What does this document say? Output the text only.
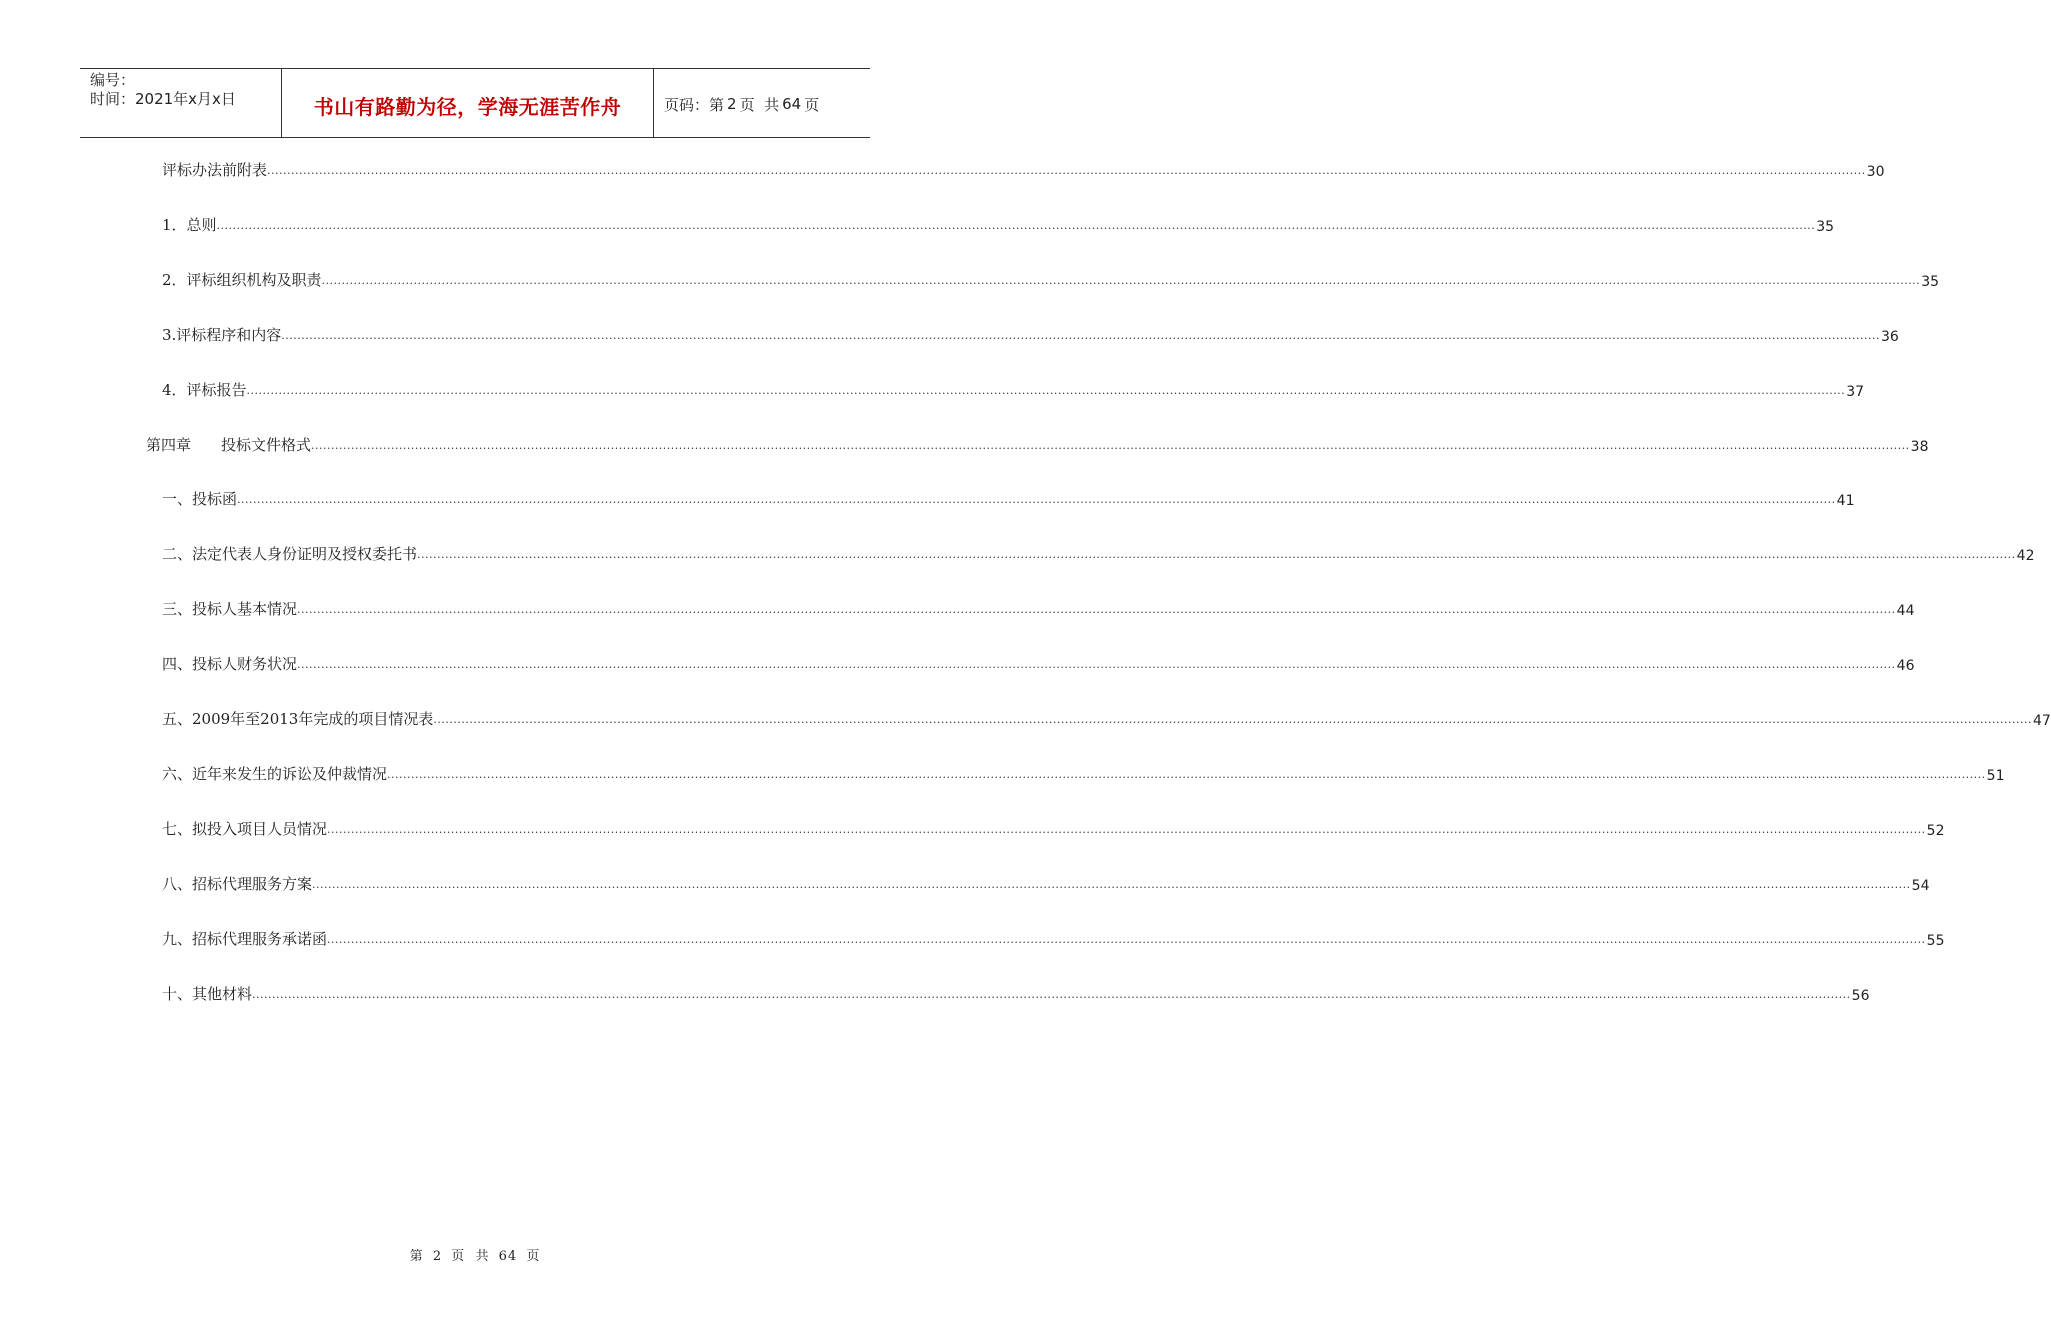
编号：
时间：2021年x月x日	书山有路勤为径，学海无涯苦作舟	页码：第 2 页  共 64 页
评标办法前附表 ................................................................................................................................................................................................................................................................................................................................................................................................................ 30
1．总则 ................................................................................................................................................................................................................................................................................................................................................................................................................ 35
2．评标组织机构及职责 ................................................................................................................................................................................................................................................................................................................................................................................................................ 35
3.评标程序和内容 ................................................................................................................................................................................................................................................................................................................................................................................................................ 36
4．评标报告 ................................................................................................................................................................................................................................................................................................................................................................................................................ 37
第四章　　投标文件格式 ................................................................................................................................................................................................................................................................................................................................................................................................................ 38
一、投标函 ................................................................................................................................................................................................................................................................................................................................................................................................................ 41
二、法定代表人身份证明及授权委托书 ................................................................................................................................................................................................................................................................................................................................................................................................................ 42
三、投标人基本情况 ................................................................................................................................................................................................................................................................................................................................................................................................................ 44
四、投标人财务状况 ................................................................................................................................................................................................................................................................................................................................................................................................................ 46
五、2009年至2013年完成的项目情况表 ................................................................................................................................................................................................................................................................................................................................................................................................................ 47
六、近年来发生的诉讼及仲裁情况 ................................................................................................................................................................................................................................................................................................................................................................................................................ 51
七、拟投入项目人员情况 ................................................................................................................................................................................................................................................................................................................................................................................................................ 52
八、招标代理服务方案 ................................................................................................................................................................................................................................................................................................................................................................................................................ 54
九、招标代理服务承诺函 ................................................................................................................................................................................................................................................................................................................................................................................................................ 55
十、其他材料 ................................................................................................................................................................................................................................................................................................................................................................................................................ 56
第 2 页  共 64 页
